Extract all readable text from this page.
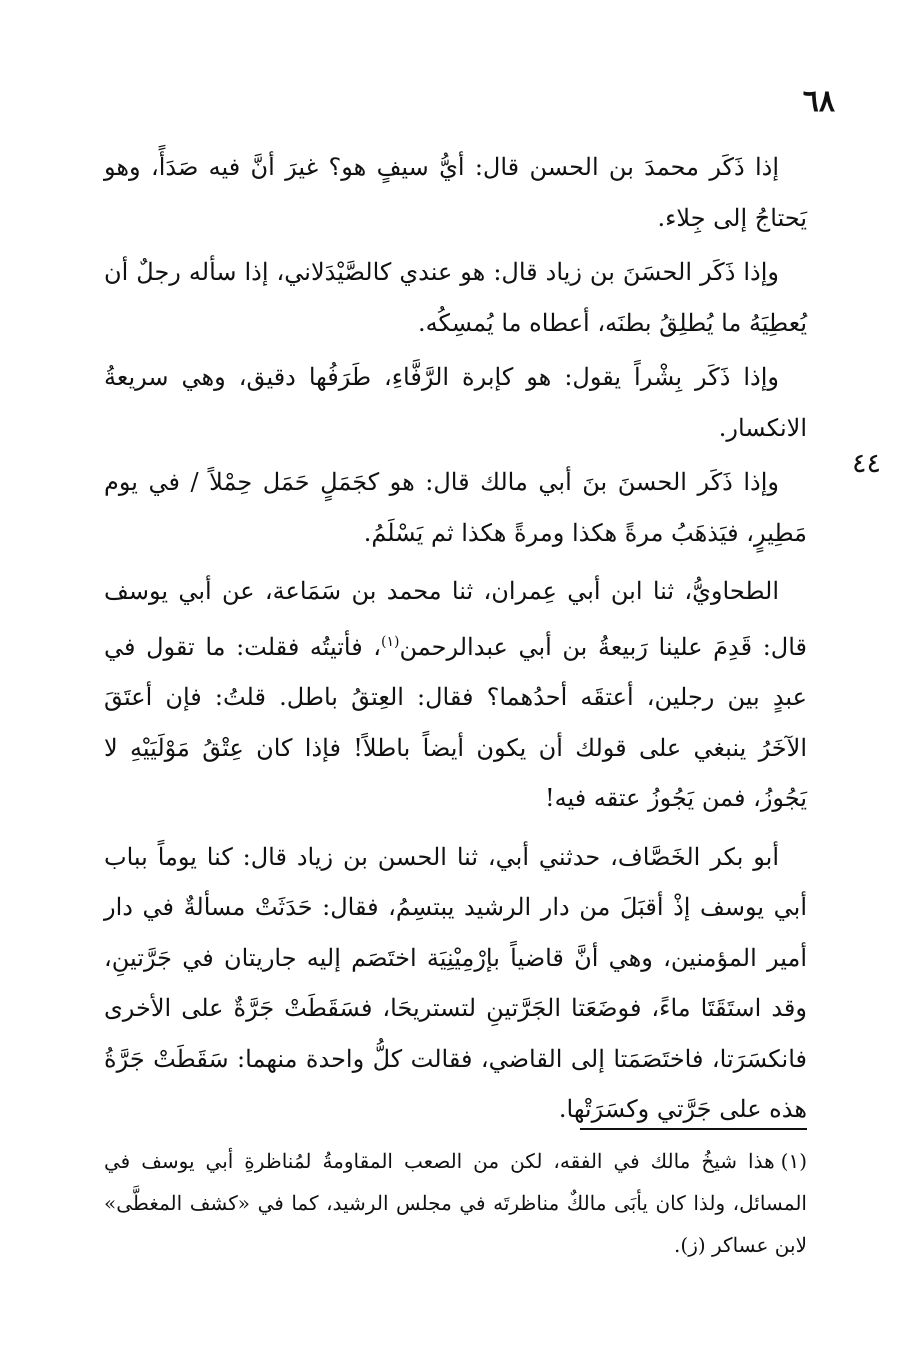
٦٨
٤٤

إذا ذَكَر محمدَ بن الحسن قال: أيُّ سيفٍ هو؟ غيرَ أنَّ فيه صَدَأً، وهو يَحتاجُ إلى جِلاء.

وإذا ذَكَر الحسَنَ بن زياد قال: هو عندي كالصَّيْدَلاني، إذا سأله رجلٌ أن يُعطِيَهُ ما يُطلِقُ بطنَه، أعطاه ما يُمسِكُه.

وإذا ذَكَر بِشْراً يقول: هو كإبرة الرَّفَّاءِ، طَرَفُها دقيق، وهي سريعةُ الانكسار.

وإذا ذَكَر الحسنَ بنَ أبي مالك قال: هو كجَمَلٍ حَمَل حِمْلاً / في يوم مَطِيرٍ، فيَذهَبُ مرةً هكذا ومرةً هكذا ثم يَسْلَمُ.

الطحاويُّ، ثنا ابن أبي عِمران، ثنا محمد بن سَمَاعة، عن أبي يوسف قال: قَدِمَ علينا رَبيعةُ بن أبي عبدالرحمن$^{(١)}$، فأتيتُه فقلت: ما تقول في عبدٍ بين رجلين، أعتقَه أحدُهما؟ فقال: العِتقُ باطل. قلتُ: فإن أعتَقَ الآخَرُ ينبغي على قولك أن يكون أيضاً باطلاً! فإذا كان عِتْقُ مَوْلَيَيْهِ لا يَجُوزُ، فمن يَجُوزُ عتقه فيه!

أبو بكر الخَصَّاف، حدثني أبي، ثنا الحسن بن زياد قال: كنا يوماً بباب أبي يوسف إذْ أقبَلَ من دار الرشيد يبتسِمُ، فقال: حَدَثَتْ مسألةٌ في دار أمير المؤمنين، وهي أنَّ قاضياً بإرْمِيْنِيَة اختَصَم إليه جاريتان في جَرَّتينِ، وقد استَقَتَا ماءً، فوضَعَتا الجَرَّتينِ لتستريحَا، فسَقَطَتْ جَرَّةٌ على الأخرى فانكسَرَتا، فاختَصَمَتا إلى القاضي، فقالت كلُّ واحدة منهما: سَقَطَتْ جَرَّةُ هذه على جَرَّتي وكسَرَتْها.

(١)هذا شيخُ مالك في الفقه، لكن من الصعب المقاومةُ لمُناظرةِ أبي يوسف في المسائل، ولذا كان يأبَى مالكٌ مناظرتَه في مجلس الرشيد، كما في «كشف المغطَّى» لابن عساكر (ز).
